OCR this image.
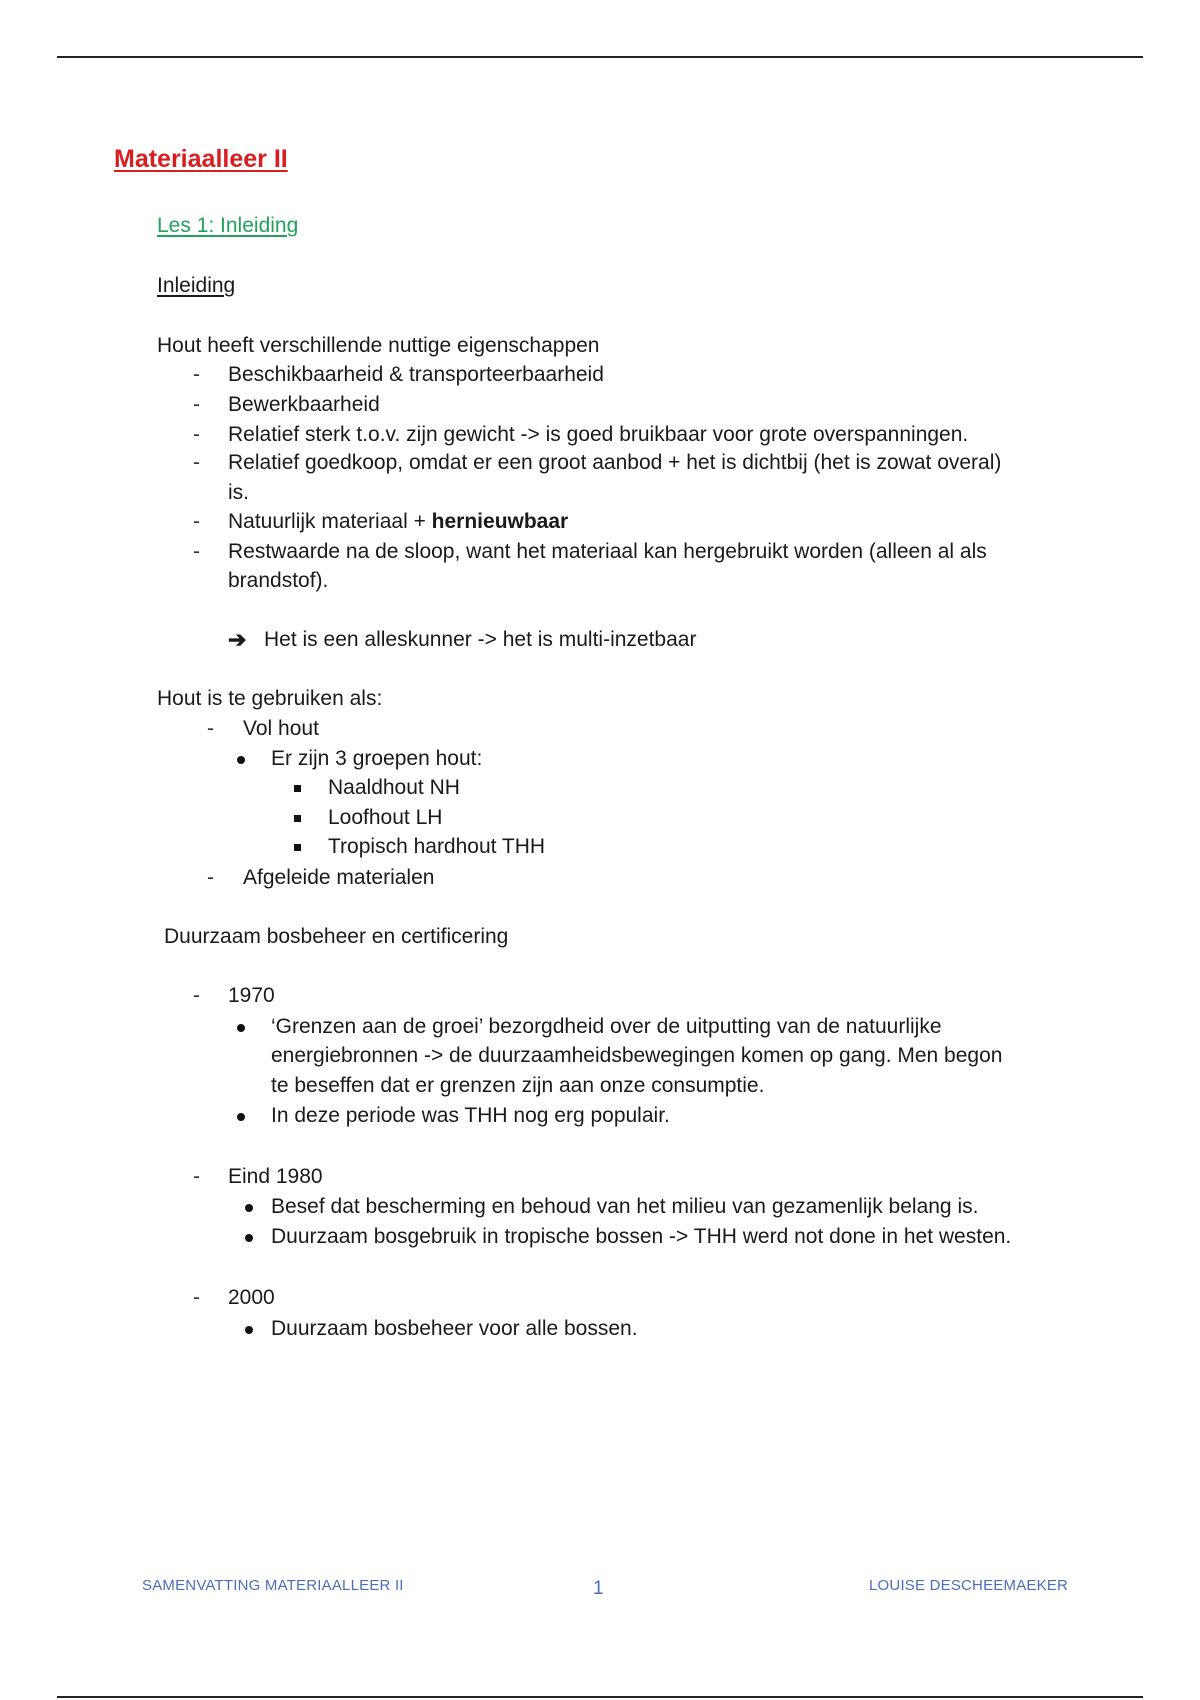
Materiaalleer II
Les 1: Inleiding
Inleiding
Hout heeft verschillende nuttige eigenschappen
- Beschikbaarheid & transporteerbaarheid
- Bewerkbaarheid
- Relatief sterk t.o.v. zijn gewicht -> is goed bruikbaar voor grote overspanningen.
- Relatief goedkoop, omdat er een groot aanbod + het is dichtbij (het is zowat overal)
is.
- Natuurlijk materiaal + hernieuwbaar
- Restwaarde na de sloop, want het materiaal kan hergebruikt worden (alleen al als
brandstof).
➔ Het is een alleskunner -> het is multi-inzetbaar
Hout is te gebruiken als:
- Vol hout
Er zijn 3 groepen hout:
Naaldhout NH
Loofhout LH
Tropisch hardhout THH
- Afgeleide materialen
Duurzaam bosbeheer en certificering
- 1970
‘Grenzen aan de groei’ bezorgdheid over de uitputting van de natuurlijke
energiebronnen -> de duurzaamheidsbewegingen komen op gang. Men begon
te beseffen dat er grenzen zijn aan onze consumptie.
In deze periode was THH nog erg populair.
- Eind 1980
Besef dat bescherming en behoud van het milieu van gezamenlijk belang is.
Duurzaam bosgebruik in tropische bossen -> THH werd not done in het westen.
- 2000
Duurzaam bosbeheer voor alle bossen.
SAMENVATTING MATERIAALLEER II	1	LOUISE DESCHEEMAEKER
